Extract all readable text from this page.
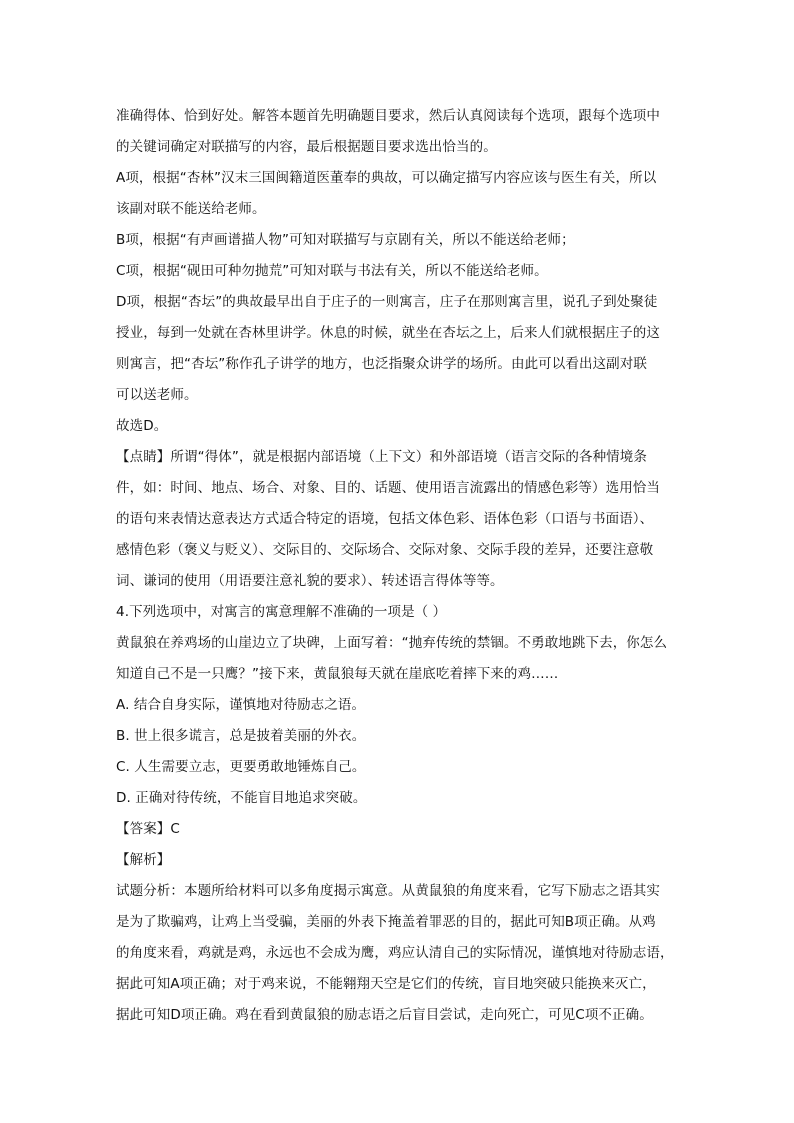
准确得体、恰到好处。解答本题首先明确题目要求，然后认真阅读每个选项，跟每个选项中
的关键词确定对联描写的内容，最后根据题目要求选出恰当的。
A项，根据“杏林”汉末三国闽籍道医董奉的典故，可以确定描写内容应该与医生有关，所以
该副对联不能送给老师。
B项，根据“有声画谱描人物”可知对联描写与京剧有关，所以不能送给老师；
C项，根据“砚田可种勿抛荒”可知对联与书法有关，所以不能送给老师。
D项，根据“杏坛”的典故最早出自于庄子的一则寓言，庄子在那则寓言里，说孔子到处聚徒
授业，每到一处就在杏林里讲学。休息的时候，就坐在杏坛之上，后来人们就根据庄子的这
则寓言，把“杏坛”称作孔子讲学的地方，也泛指聚众讲学的场所。由此可以看出这副对联
可以送老师。
故选D。
【点睛】所谓“得体”，就是根据内部语境（上下文）和外部语境（语言交际的各种情境条
件，如：时间、地点、场合、对象、目的、话题、使用语言流露出的情感色彩等）选用恰当
的语句来表情达意表达方式适合特定的语境，包括文体色彩、语体色彩（口语与书面语）、
感情色彩（褒义与贬义）、交际目的、交际场合、交际对象、交际手段的差异，还要注意敬
词、谦词的使用（用语要注意礼貌的要求）、转述语言得体等等。
4.下列选项中，对寓言的寓意理解不准确的一项是（ ）
黄鼠狼在养鸡场的山崖边立了块碑，上面写着：“抛弃传统的禁锢。不勇敢地跳下去，你怎么
知道自己不是一只鹰？”接下来，黄鼠狼每天就在崖底吃着摔下来的鸡……
A. 结合自身实际，谨慎地对待励志之语。
B. 世上很多谎言，总是披着美丽的外衣。
C. 人生需要立志，更要勇敢地锤炼自己。
D. 正确对待传统，不能盲目地追求突破。
【答案】C
【解析】
试题分析：本题所给材料可以多角度揭示寓意。从黄鼠狼的角度来看，它写下励志之语其实
是为了欺骗鸡，让鸡上当受骗，美丽的外表下掩盖着罪恶的目的，据此可知B项正确。从鸡
的角度来看，鸡就是鸡，永远也不会成为鹰，鸡应认清自己的实际情况，谨慎地对待励志语，
据此可知A项正确；对于鸡来说，不能翱翔天空是它们的传统，盲目地突破只能换来灭亡，
据此可知D项正确。鸡在看到黄鼠狼的励志语之后盲目尝试，走向死亡，可见C项不正确。
